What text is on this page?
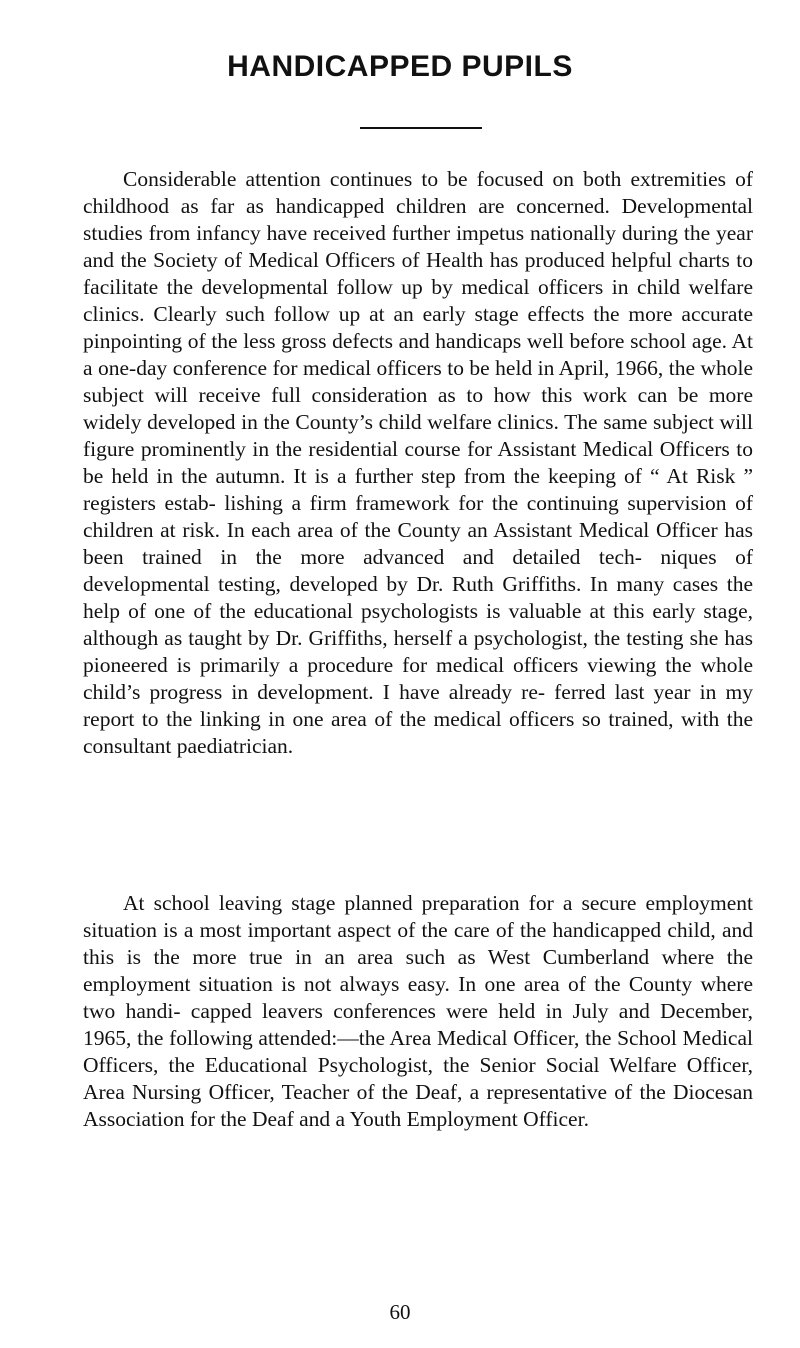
HANDICAPPED PUPILS

Considerable attention continues to be focused on both extremities of childhood as far as handicapped children are concerned. Developmental studies from infancy have received further impetus nationally during the year and the Society of Medical Officers of Health has produced helpful charts to facilitate the developmental follow up by medical officers in child welfare clinics. Clearly such follow up at an early stage effects the more accurate pinpointing of the less gross defects and handicaps well before school age. At a one-day conference for medical officers to be held in April, 1966, the whole subject will receive full consideration as to how this work can be more widely developed in the County’s child welfare clinics. The same subject will figure prominently in the residential course for Assistant Medical Officers to be held in the autumn. It is a further step from the keeping of “ At Risk ” registers estab- lishing a firm framework for the continuing supervision of children at risk. In each area of the County an Assistant Medical Officer has been trained in the more advanced and detailed tech- niques of developmental testing, developed by Dr. Ruth Griffiths. In many cases the help of one of the educational psychologists is valuable at this early stage, although as taught by Dr. Griffiths, herself a psychologist, the testing she has pioneered is primarily a procedure for medical officers viewing the whole child’s progress in development. I have already re- ferred last year in my report to the linking in one area of the medical officers so trained, with the consultant paediatrician.

At school leaving stage planned preparation for a secure employment situation is a most important aspect of the care of the handicapped child, and this is the more true in an area such as West Cumberland where the employment situation is not always easy. In one area of the County where two handi- capped leavers conferences were held in July and December, 1965, the following attended:—the Area Medical Officer, the School Medical Officers, the Educational Psychologist, the Senior Social Welfare Officer, Area Nursing Officer, Teacher of the Deaf, a representative of the Diocesan Association for the Deaf and a Youth Employment Officer.

60
